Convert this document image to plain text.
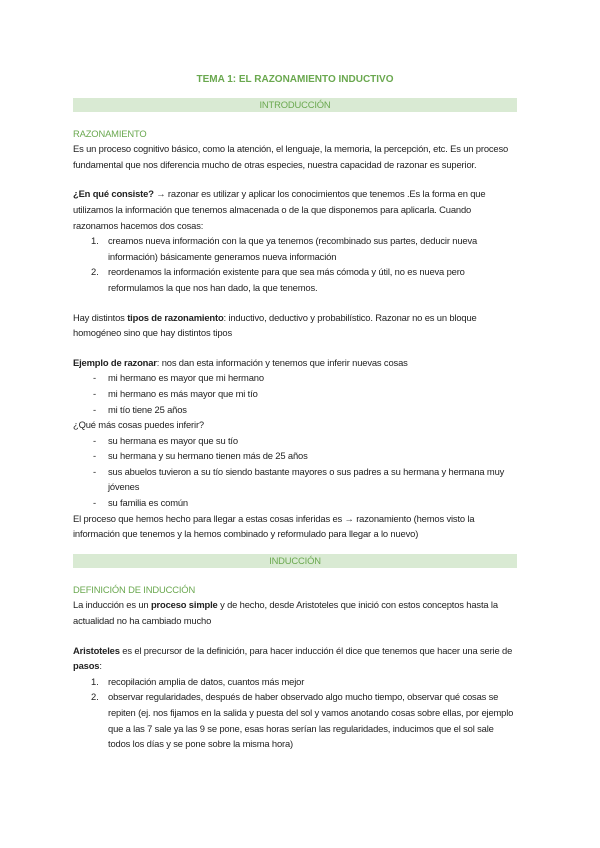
TEMA 1: EL RAZONAMIENTO INDUCTIVO
INTRODUCCIÓN

RAZONAMIENTO

Es un proceso cognitivo básico, como la atención, el lenguaje, la memoria, la percepción, etc. Es un proceso fundamental que nos diferencia mucho de otras especies, nuestra capacidad de razonar es superior.

¿En qué consiste? → razonar es utilizar y aplicar los conocimientos que tenemos .Es la forma en que utilizamos la información que tenemos almacenada o de la que disponemos para aplicarla. Cuando razonamos hacemos dos cosas:

1. creamos nueva información con la que ya tenemos (recombinado sus partes, deducir nueva información) básicamente generamos nueva información
2. reordenamos la información existente para que sea más cómoda y útil, no es nueva pero reformulamos la que nos han dado, la que tenemos.

Hay distintos tipos de razonamiento: inductivo, deductivo y probabilístico. Razonar no es un bloque homogéneo sino que hay distintos tipos

Ejemplo de razonar: nos dan esta información y tenemos que inferir nuevas cosas

- mi hermano es mayor que mi hermano
- mi hermano es más mayor que mi tío
- mi tío tiene 25 años

¿Qué más cosas puedes inferir?

- su hermana es mayor que su tío
- su hermana y su hermano tienen más de 25 años
- sus abuelos tuvieron a su tío siendo bastante mayores o sus padres a su hermana y hermana muy jóvenes
- su familia es común

El proceso que hemos hecho para llegar a estas cosas inferidas es → razonamiento (hemos visto la información que tenemos y la hemos combinado y reformulado para llegar a lo nuevo)

INDUCCIÓN

DEFINICIÓN DE INDUCCIÓN

La inducción es un proceso simple y de hecho, desde Aristoteles que inició con estos conceptos hasta la actualidad no ha cambiado mucho

Aristoteles es el precursor de la definición, para hacer inducción él dice que tenemos que hacer una serie de pasos:

1. recopilación amplia de datos, cuantos más mejor
2. observar regularidades, después de haber observado algo mucho tiempo, observar qué cosas se repiten (ej. nos fijamos en la salida y puesta del sol y vamos anotando cosas sobre ellas, por ejemplo que a las 7 sale ya las 9 se pone, esas horas serían las regularidades, inducimos que el sol sale todos los días y se pone sobre la misma hora)
